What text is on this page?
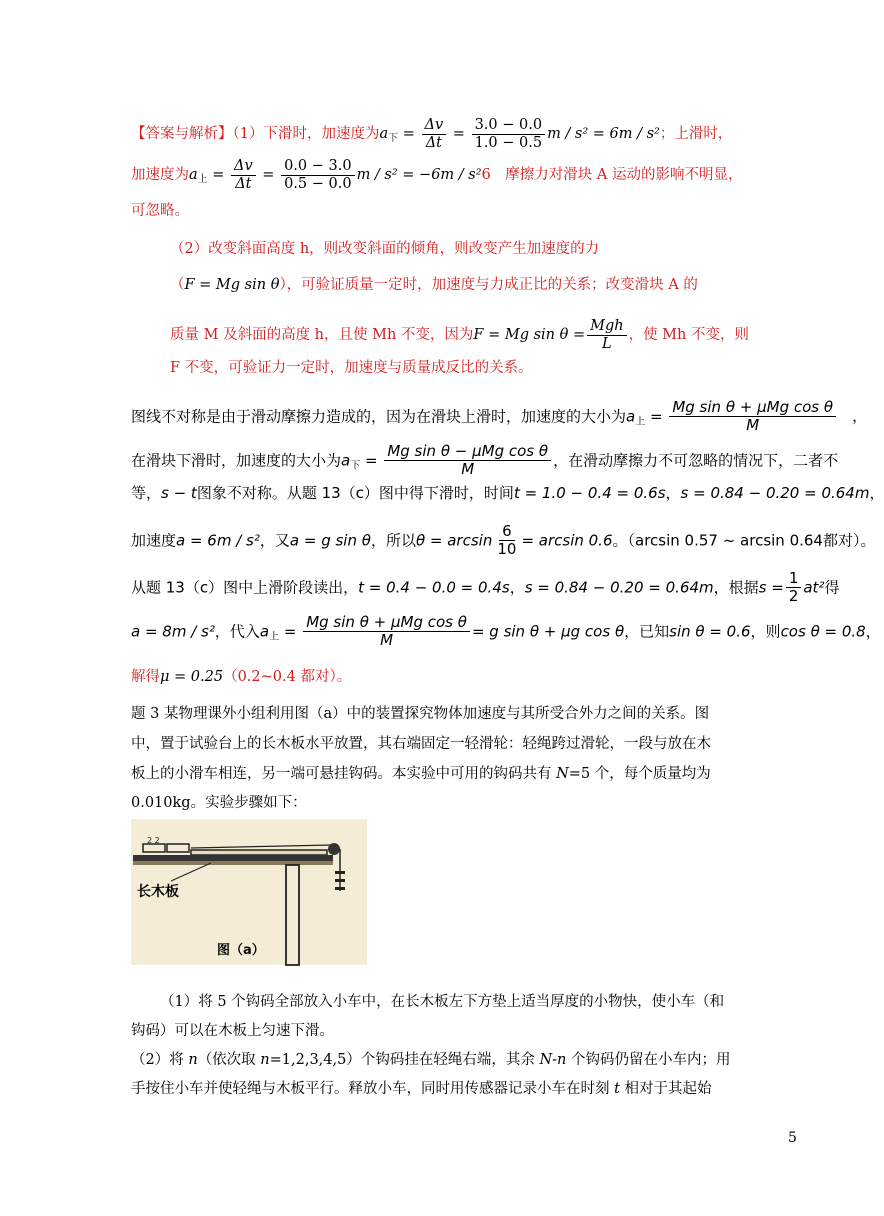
【答案与解析】（1）下滑时，加速度为$a_下 = \frac{\Delta v}{\Delta t} = \frac{3.0 - 0.0}{1.0 - 0.5}$ m / s² = 6m / s²；上滑时，
加速度为$a_上 = \frac{\Delta v}{\Delta t} = \frac{0.0 - 3.0}{0.5 - 0.0}$ m / s² = −6m / s²6　摩擦力对滑块 A 运动的影响不明显，
可忽略。
（2）改变斜面高度 h，则改变斜面的倾角，则改变产生加速度的力
（F = Mg sin θ），可验证质量一定时，加速度与力成正比的关系；改变滑块 A 的
质量 M 及斜面的高度 h，且使 Mh 不变，因为F = Mg sin θ =
Mgh
L
，使 Mh 不变，则
F 不变，可验证力一定时，加速度与质量成反比的关系。
图线不对称是由于滑动摩擦力造成的，因为在滑块上滑时，加速度的大小为$a_上$ =
Mg sin θ + μMg cos θ
M	，
在滑块下滑时，加速度的大小为$a_下$ =
Mg sin θ − μMg cos θ
M	，在滑动摩擦力不可忽略的情况下，二者不
等，s − t图象不对称。从题 13（c）图中得下滑时，时间t = 1.0 − 0.4 = 0.6s，s = 0.84 − 0.20 = 0.64m，
加速度a = 6m / s²，又a = g sin θ，所以$\theta = \arcsin \frac{6}{10} = \arcsin 0.6$。（arcsin 0.57 ~ arcsin 0.64都对）。
从题 13（c）图中上滑阶段读出，t = 0.4 − 0.0 = 0.4s，s = 0.84 − 0.20 = 0.64m，根据$s = \frac{1}{2} at^2$得
a = 8m / s²，代入$a_上$ =
Mg sin θ + μMg cos θ
M	= g sin θ + μg cos θ，已知sin θ = 0.6，则cos θ = 0.8，
解得μ = 0.25（0.2~0.4 都对）。
题 3 某物理课外小组利用图（a）中的装置探究物体加速度与其所受合外力之间的关系。图
中，置于试验台上的长木板水平放置，其右端固定一轻滑轮：轻绳跨过滑轮，一段与放在木
板上的小滑车相连，另一端可悬挂钩码。本实验中可用的钩码共有 N=5 个，每个质量均为
0.010kg。实验步骤如下：
2 2
长木板
图（a）
（1）将 5 个钩码全部放入小车中，在长木板左下方垫上适当厚度的小物快，使小车（和
钩码）可以在木板上匀速下滑。
（2）将 n（依次取 n=1,2,3,4,5）个钩码挂在轻绳右端，其余 N-n 个钩码仍留在小车内；用
手按住小车并使轻绳与木板平行。释放小车，同时用传感器记录小车在时刻 t 相对于其起始
5
